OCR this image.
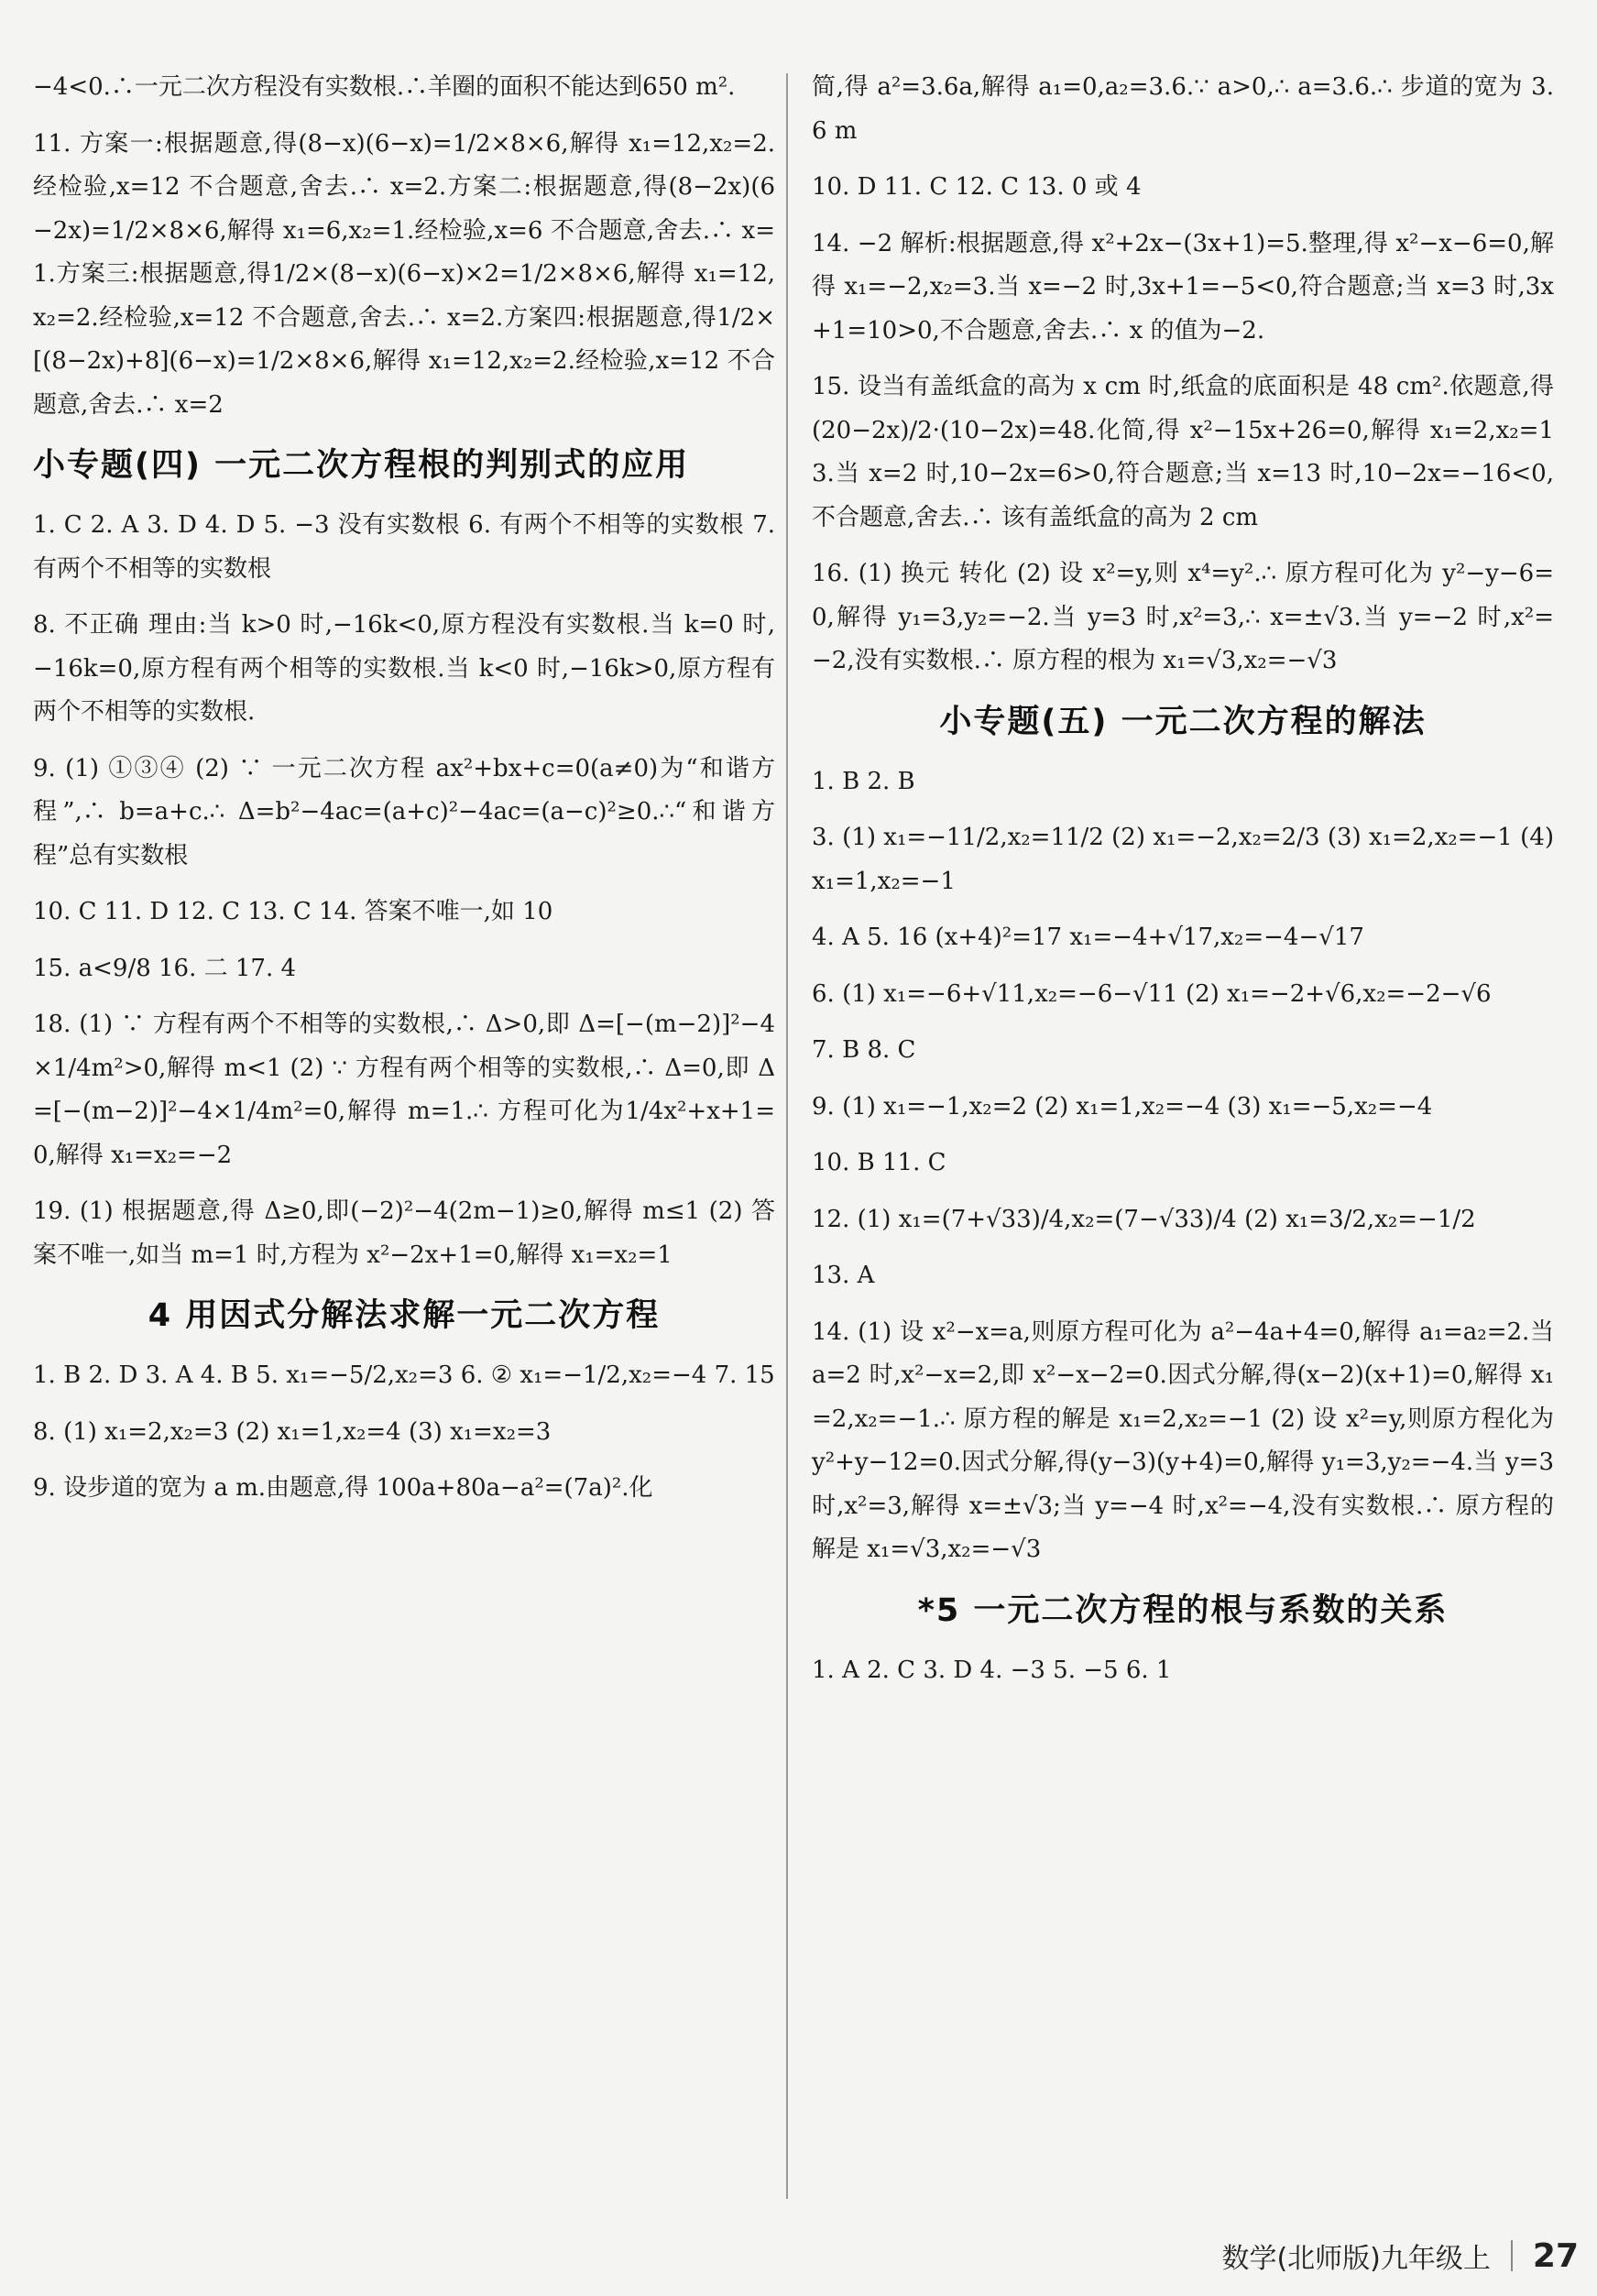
−4<0.∴一元二次方程没有实数根.∴羊圈的面积不能达到650 m².

11. 方案一:根据题意,得(8−x)(6−x)=1/2×8×6,解得 x₁=12,x₂=2.经检验,x=12 不合题意,舍去.∴ x=2.方案二:根据题意,得(8−2x)(6−2x)=1/2×8×6,解得 x₁=6,x₂=1.经检验,x=6 不合题意,舍去.∴ x=1.方案三:根据题意,得1/2×(8−x)(6−x)×2=1/2×8×6,解得 x₁=12,x₂=2.经检验,x=12 不合题意,舍去.∴ x=2.方案四:根据题意,得1/2×[(8−2x)+8](6−x)=1/2×8×6,解得 x₁=12,x₂=2.经检验,x=12 不合题意,舍去.∴ x=2

小专题(四) 一元二次方程根的判别式的应用

1. C 2. A 3. D 4. D 5. −3 没有实数根 6. 有两个不相等的实数根 7. 有两个不相等的实数根

8. 不正确 理由:当 k>0 时,−16k<0,原方程没有实数根.当 k=0 时,−16k=0,原方程有两个相等的实数根.当 k<0 时,−16k>0,原方程有两个不相等的实数根.

9. (1) ①③④ (2) ∵ 一元二次方程 ax²+bx+c=0(a≠0)为“和谐方程”,∴ b=a+c.∴ Δ=b²−4ac=(a+c)²−4ac=(a−c)²≥0.∴“和谐方程”总有实数根

10. C 11. D 12. C 13. C 14. 答案不唯一,如 10

15. a<9/8 16. 二 17. 4

18. (1) ∵ 方程有两个不相等的实数根,∴ Δ>0,即 Δ=[−(m−2)]²−4×1/4m²>0,解得 m<1 (2) ∵ 方程有两个相等的实数根,∴ Δ=0,即 Δ=[−(m−2)]²−4×1/4m²=0,解得 m=1.∴ 方程可化为1/4x²+x+1=0,解得 x₁=x₂=−2

19. (1) 根据题意,得 Δ≥0,即(−2)²−4(2m−1)≥0,解得 m≤1 (2) 答案不唯一,如当 m=1 时,方程为 x²−2x+1=0,解得 x₁=x₂=1

4 用因式分解法求解一元二次方程

1. B 2. D 3. A 4. B 5. x₁=−5/2,x₂=3 6. ② x₁=−1/2,x₂=−4 7. 15

8. (1) x₁=2,x₂=3 (2) x₁=1,x₂=4 (3) x₁=x₂=3

9. 设步道的宽为 a m.由题意,得 100a+80a−a²=(7a)².化

简,得 a²=3.6a,解得 a₁=0,a₂=3.6.∵ a>0,∴ a=3.6.∴ 步道的宽为 3.6 m

10. D 11. C 12. C 13. 0 或 4

14. −2 解析:根据题意,得 x²+2x−(3x+1)=5.整理,得 x²−x−6=0,解得 x₁=−2,x₂=3.当 x=−2 时,3x+1=−5<0,符合题意;当 x=3 时,3x+1=10>0,不合题意,舍去.∴ x 的值为−2.

15. 设当有盖纸盒的高为 x cm 时,纸盒的底面积是 48 cm².依题意,得(20−2x)/2·(10−2x)=48.化简,得 x²−15x+26=0,解得 x₁=2,x₂=13.当 x=2 时,10−2x=6>0,符合题意;当 x=13 时,10−2x=−16<0,不合题意,舍去.∴ 该有盖纸盒的高为 2 cm

16. (1) 换元 转化 (2) 设 x²=y,则 x⁴=y².∴ 原方程可化为 y²−y−6=0,解得 y₁=3,y₂=−2.当 y=3 时,x²=3,∴ x=±√3.当 y=−2 时,x²=−2,没有实数根.∴ 原方程的根为 x₁=√3,x₂=−√3

小专题(五) 一元二次方程的解法

1. B 2. B

3. (1) x₁=−11/2,x₂=11/2 (2) x₁=−2,x₂=2/3 (3) x₁=2,x₂=−1 (4) x₁=1,x₂=−1

4. A 5. 16 (x+4)²=17 x₁=−4+√17,x₂=−4−√17

6. (1) x₁=−6+√11,x₂=−6−√11 (2) x₁=−2+√6,x₂=−2−√6

7. B 8. C

9. (1) x₁=−1,x₂=2 (2) x₁=1,x₂=−4 (3) x₁=−5,x₂=−4

10. B 11. C

12. (1) x₁=(7+√33)/4,x₂=(7−√33)/4 (2) x₁=3/2,x₂=−1/2

13. A

14. (1) 设 x²−x=a,则原方程可化为 a²−4a+4=0,解得 a₁=a₂=2.当 a=2 时,x²−x=2,即 x²−x−2=0.因式分解,得(x−2)(x+1)=0,解得 x₁=2,x₂=−1.∴ 原方程的解是 x₁=2,x₂=−1 (2) 设 x²=y,则原方程化为 y²+y−12=0.因式分解,得(y−3)(y+4)=0,解得 y₁=3,y₂=−4.当 y=3 时,x²=3,解得 x=±√3;当 y=−4 时,x²=−4,没有实数根.∴ 原方程的解是 x₁=√3,x₂=−√3

*5 一元二次方程的根与系数的关系

1. A 2. C 3. D 4. −3 5. −5 6. 1

数学(北师版)九年级上 27
